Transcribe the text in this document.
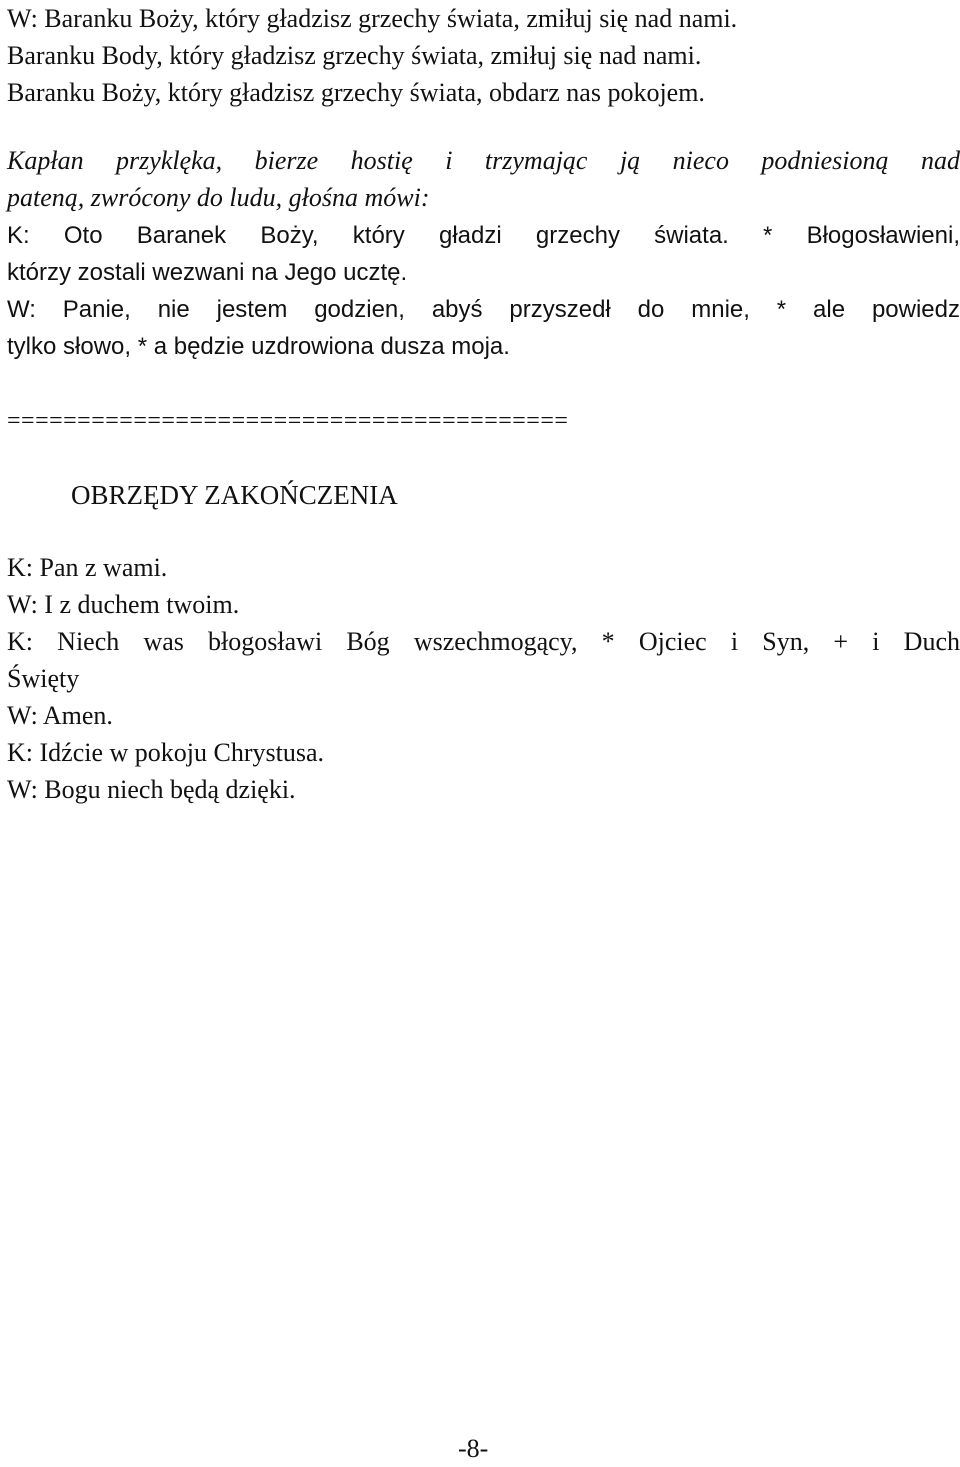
W: Baranku Boży, który gładzisz grzechy świata, zmiłuj się nad nami.
Baranku Body, który gładzisz grzechy świata, zmiłuj się nad nami.
Baranku Boży, który gładzisz grzechy świata, obdarz nas pokojem.
Kapłan przyklęka, bierze hostię i trzymając ją nieco podniesioną nad
pateną, zwrócony do ludu, głośna mówi:
K: Oto Baranek Boży, który gładzi grzechy świata. * Błogosławieni,
którzy zostali wezwani na Jego ucztę.
W: Panie, nie jestem godzien, abyś przyszedł do mnie, * ale powiedz
tylko słowo, * a będzie uzdrowiona dusza moja.
========================================
OBRZĘDY ZAKOŃCZENIA
K: Pan z wami.
W: I z duchem twoim.
K: Niech was błogosławi Bóg wszechmogący, * Ojciec i Syn, + i Duch
Święty
W: Amen.
K: Idźcie w pokoju Chrystusa.
W: Bogu niech będą dzięki.
-8-
